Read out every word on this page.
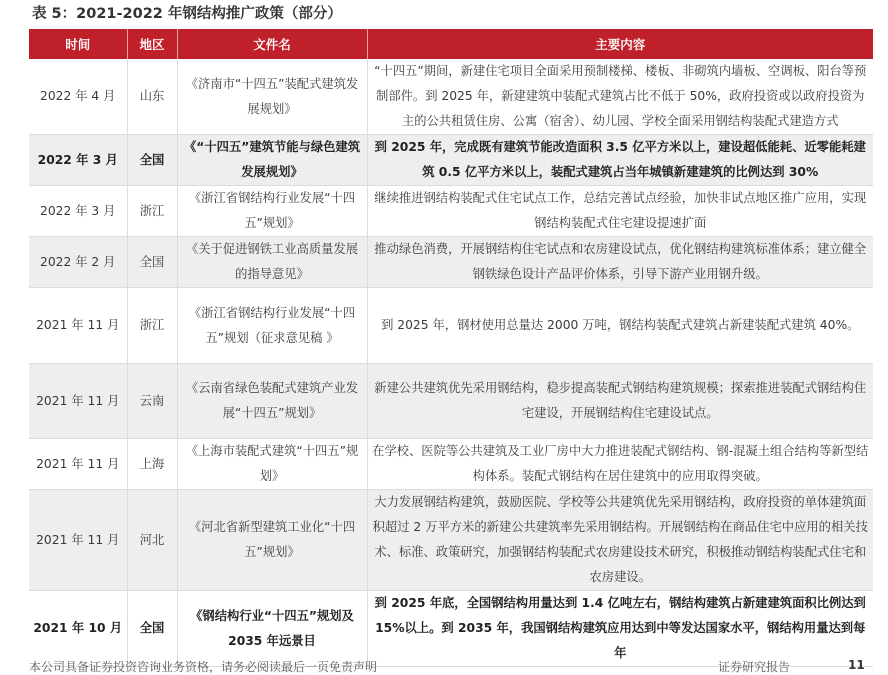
表 5：2021-2022 年钢结构推广政策（部分）
时间	地区	文件名	主要内容
2022 年 4 月	山东	《济南市“十四五”装配式建筑发展规划》	“十四五”期间，新建住宅项目全面采用预制楼梯、楼板、非砌筑内墙板、空调板、阳台等预制部件。到 2025 年，新建建筑中装配式建筑占比不低于 50%，政府投资或以政府投资为主的公共租赁住房、公寓（宿舍）、幼儿园、学校全面采用钢结构装配式建造方式
2022 年 3 月	全国	《“十四五”建筑节能与绿色建筑发展规划》	到 2025 年，完成既有建筑节能改造面积 3.5 亿平方米以上，建设超低能耗、近零能耗建筑 0.5 亿平方米以上，装配式建筑占当年城镇新建建筑的比例达到 30%
2022 年 3 月	浙江	《浙江省钢结构行业发展“十四五”规划》	继续推进钢结构装配式住宅试点工作，总结完善试点经验，加快非试点地区推广应用，实现钢结构装配式住宅建设提速扩面
2022 年 2 月	全国	《关于促进钢铁工业高质量发展的指导意见》	推动绿色消费，开展钢结构住宅试点和农房建设试点，优化钢结构建筑标准体系；建立健全钢铁绿色设计产品评价体系，引导下游产业用钢升级。
2021 年 11 月	浙江	《浙江省钢结构行业发展“十四五”规划（征求意见稿 》	到 2025 年，钢材使用总量达 2000 万吨，钢结构装配式建筑占新建装配式建筑 40%。
2021 年 11 月	云南	《云南省绿色装配式建筑产业发展“十四五”规划》	新建公共建筑优先采用钢结构，稳步提高装配式钢结构建筑规模；探索推进装配式钢结构住宅建设，开展钢结构住宅建设试点。
2021 年 11 月	上海	《上海市装配式建筑“十四五”规划》	在学校、医院等公共建筑及工业厂房中大力推进装配式钢结构、钢-混凝土组合结构等新型结构体系。装配式钢结构在居住建筑中的应用取得突破。
2021 年 11 月	河北	《河北省新型建筑工业化“十四五”规划》	大力发展钢结构建筑，鼓励医院、学校等公共建筑优先采用钢结构，政府投资的单体建筑面积超过 2 万平方米的新建公共建筑率先采用钢结构。开展钢结构在商品住宅中应用的相关技术、标准、政策研究，加强钢结构装配式农房建设技术研究，积极推动钢结构装配式住宅和农房建设。
2021 年 10 月	全国	《钢结构行业“十四五”规划及 2035 年远景目	到 2025 年底，全国钢结构用量达到 1.4 亿吨左右，钢结构建筑占新建建筑面积比例达到 15%以上。到 2035 年，我国钢结构建筑应用达到中等发达国家水平，钢结构用量达到每年
本公司具备证券投资咨询业务资格，请务必阅读最后一页免责声明	证券研究报告	11
